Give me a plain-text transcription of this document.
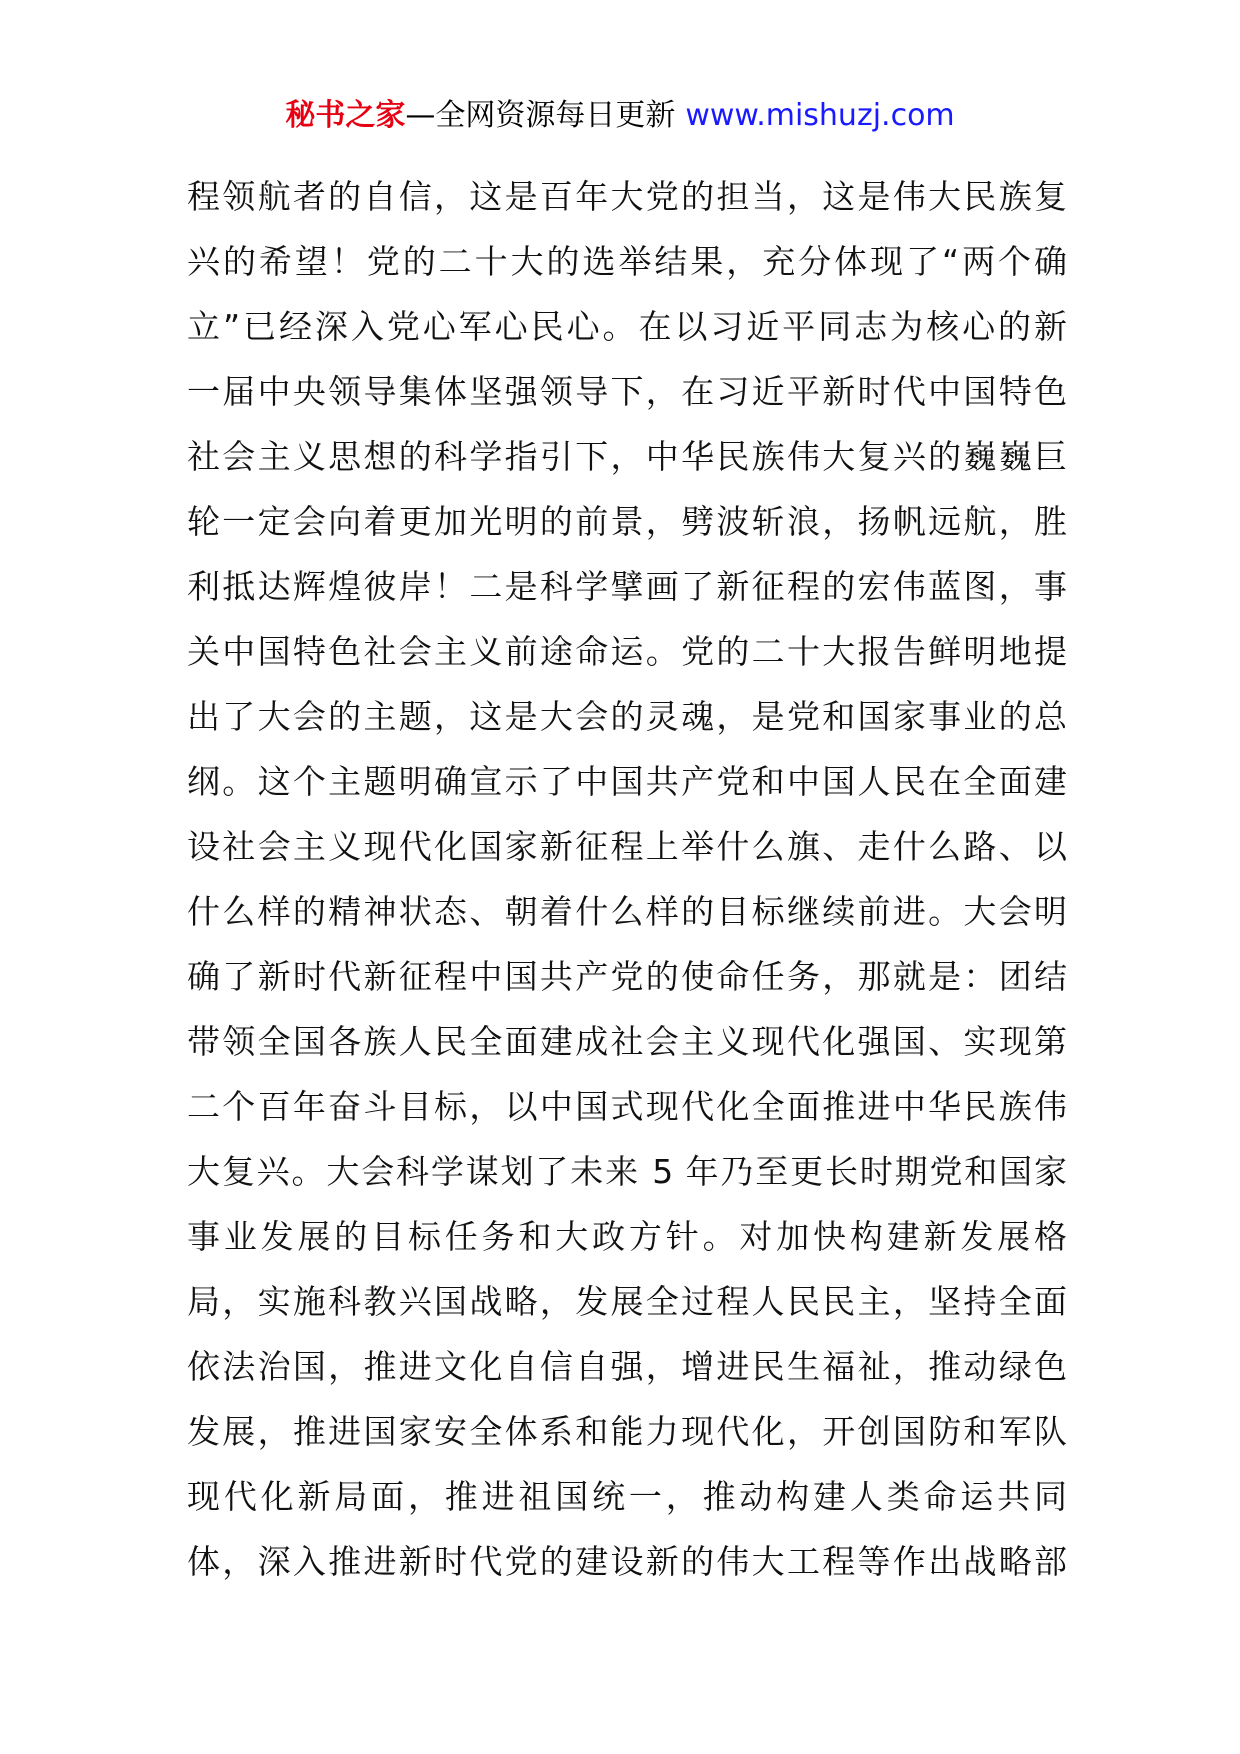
秘书之家—全网资源每日更新 www.mishuzj.com
程领航者的自信，这是百年大党的担当，这是伟大民族复
兴的希望！党的二十大的选举结果，充分体现了“两个确
立”已经深入党心军心民心。在以习近平同志为核心的新
一届中央领导集体坚强领导下，在习近平新时代中国特色
社会主义思想的科学指引下，中华民族伟大复兴的巍巍巨
轮一定会向着更加光明的前景，劈波斩浪，扬帆远航，胜
利抵达辉煌彼岸！二是科学擘画了新征程的宏伟蓝图，事
关中国特色社会主义前途命运。党的二十大报告鲜明地提
出了大会的主题，这是大会的灵魂，是党和国家事业的总
纲。这个主题明确宣示了中国共产党和中国人民在全面建
设社会主义现代化国家新征程上举什么旗、走什么路、以
什么样的精神状态、朝着什么样的目标继续前进。大会明
确了新时代新征程中国共产党的使命任务，那就是：团结
带领全国各族人民全面建成社会主义现代化强国、实现第
二个百年奋斗目标，以中国式现代化全面推进中华民族伟
大复兴。大会科学谋划了未来 5 年乃至更长时期党和国家
事业发展的目标任务和大政方针。对加快构建新发展格
局，实施科教兴国战略，发展全过程人民民主，坚持全面
依法治国，推进文化自信自强，增进民生福祉，推动绿色
发展，推进国家安全体系和能力现代化，开创国防和军队
现代化新局面，推进祖国统一，推动构建人类命运共同
体，深入推进新时代党的建设新的伟大工程等作出战略部
